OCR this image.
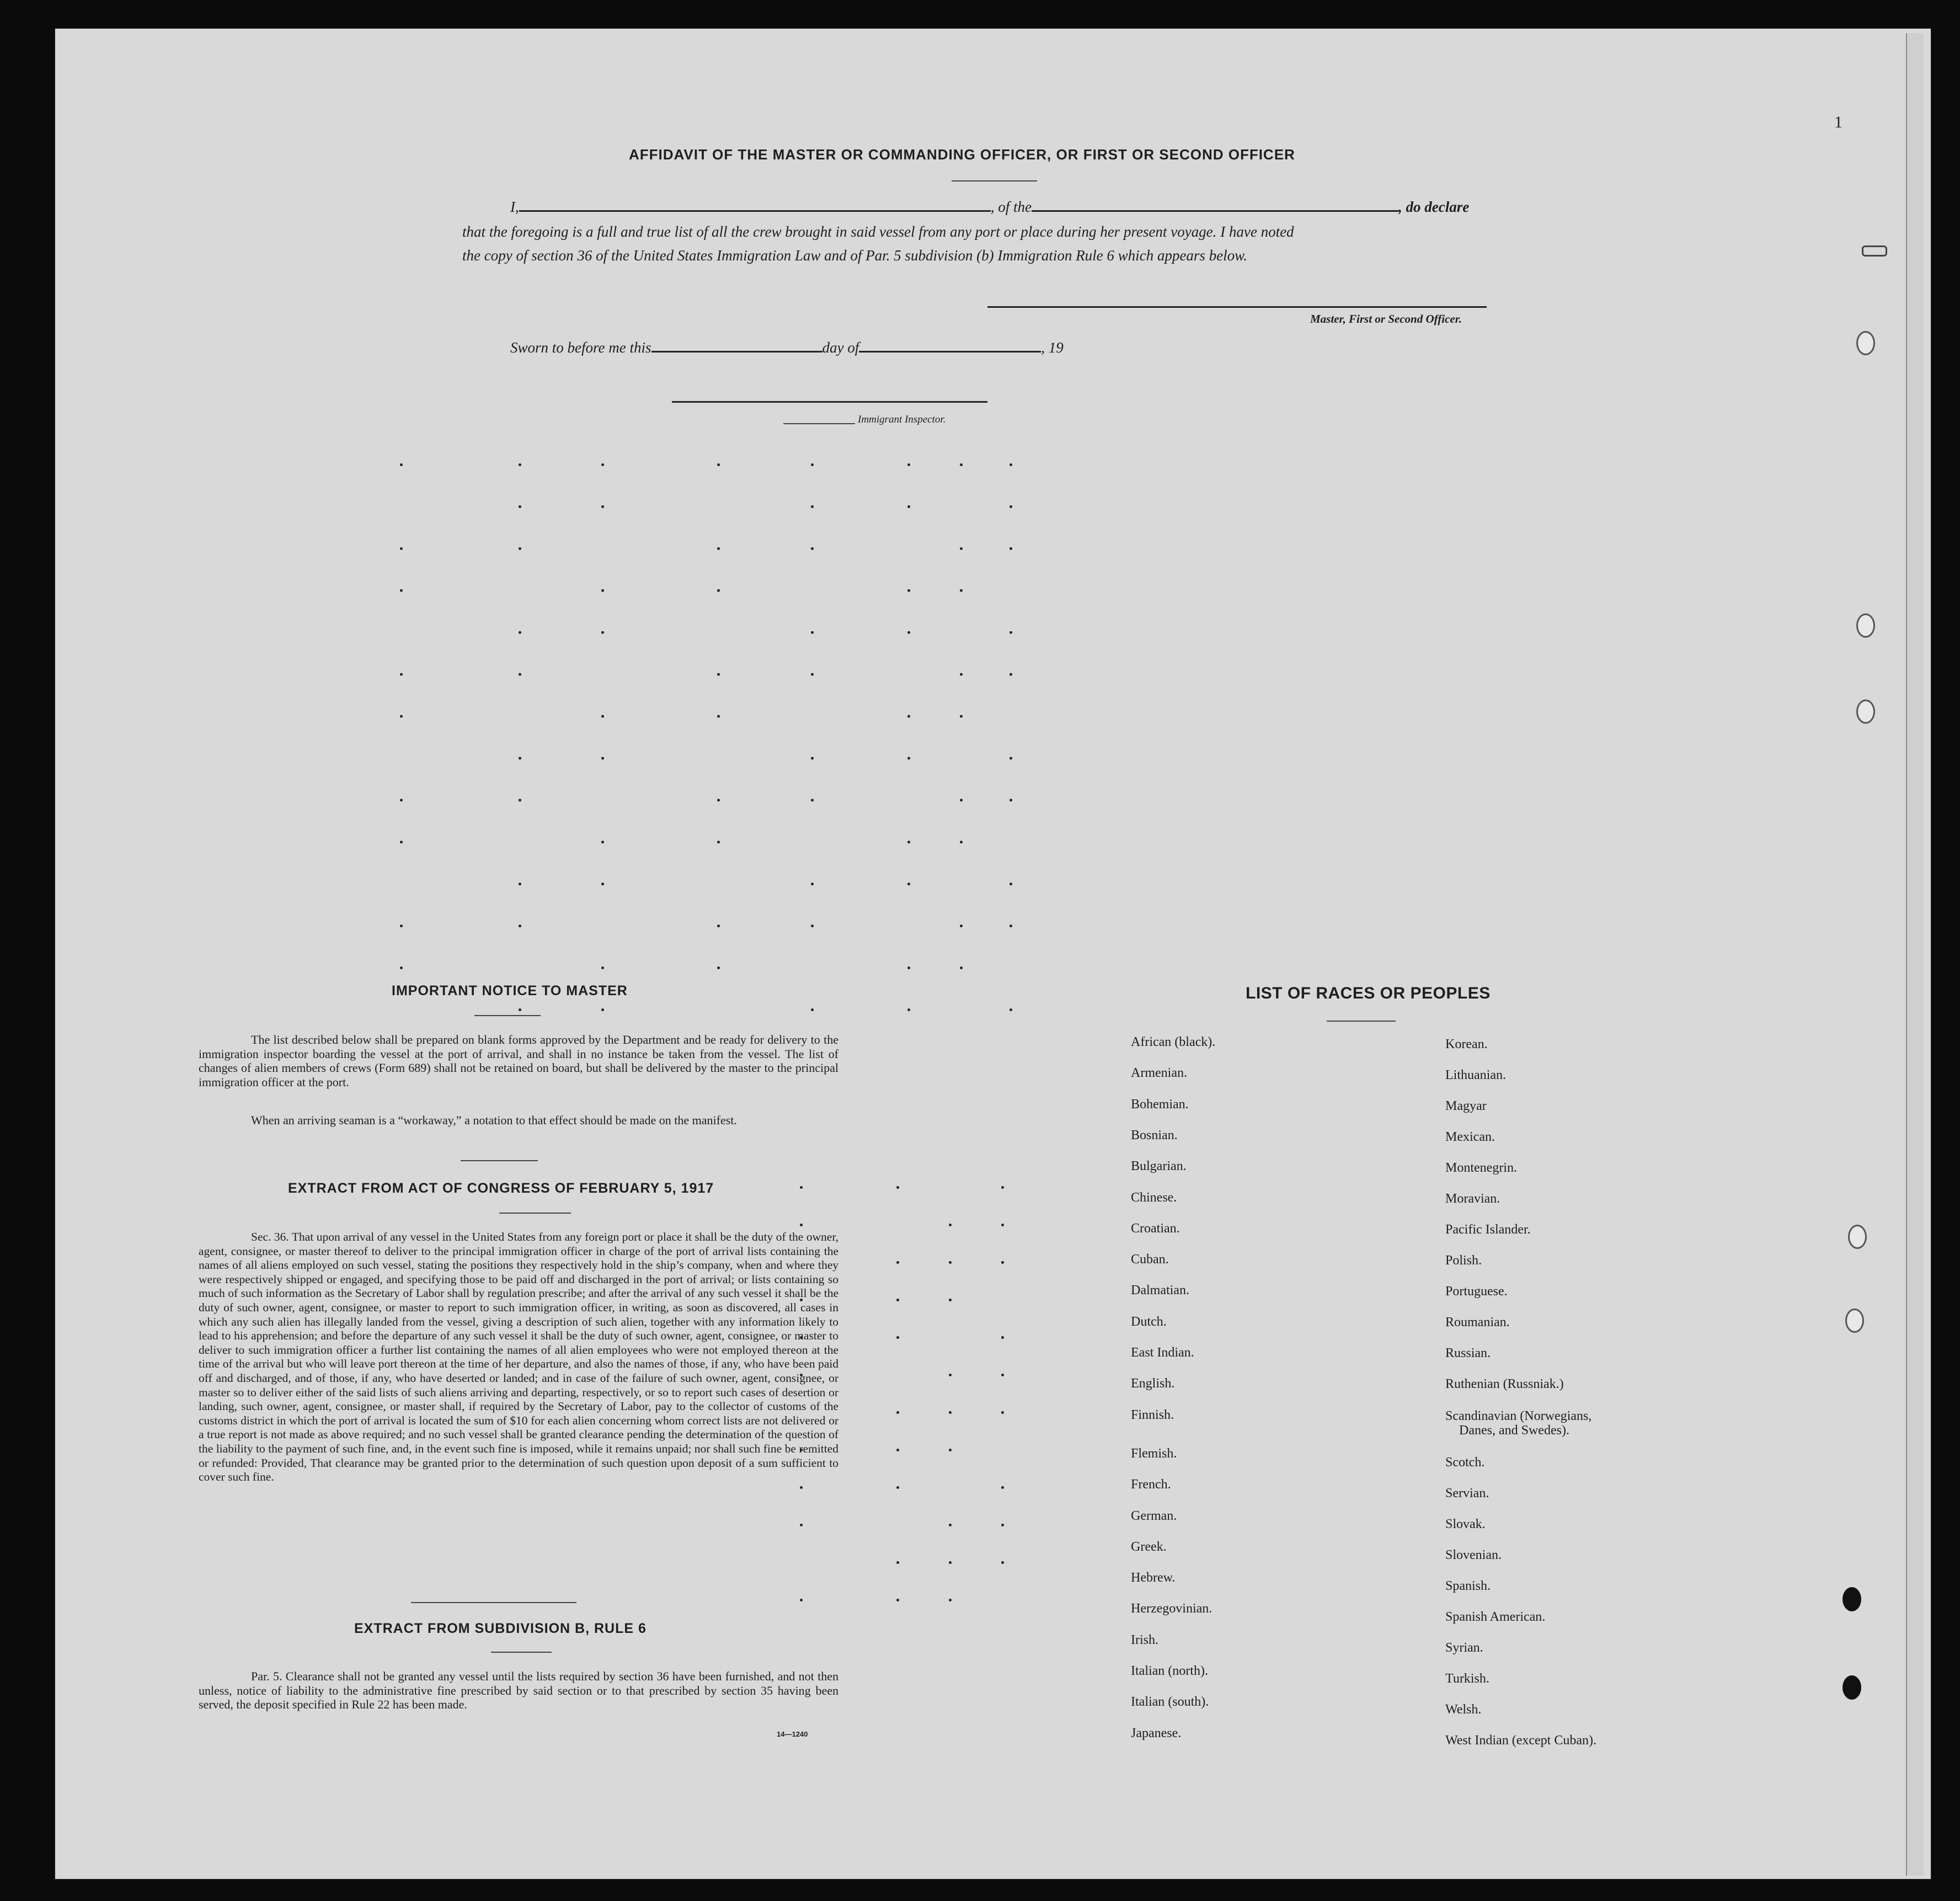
1
AFFIDAVIT OF THE MASTER OR COMMANDING OFFICER, OR FIRST OR SECOND OFFICER
I,	, of the	, do declare
that the foregoing is a full and true list of all the crew brought in said vessel from any port or place during her present voyage. I have noted
the copy of section 36 of the United States Immigration Law and of Par. 5 subdivision (b) Immigration Rule 6 which appears below.
Master, First or Second Officer.
Sworn to before me this	day of	, 19
Immigrant Inspector.
IMPORTANT NOTICE TO MASTER
The list described below shall be prepared on blank forms approved by the Department and be ready for delivery to the immigration inspector boarding the vessel at the port of arrival, and shall in no instance be taken from the vessel. The list of changes of alien members of crews (Form 689) shall not be retained on board, but shall be delivered by the master to the principal immigration officer at the port.
When an arriving seaman is a “workaway,” a notation to that effect should be made on the manifest.
EXTRACT FROM ACT OF CONGRESS OF FEBRUARY 5, 1917
Sec. 36. That upon arrival of any vessel in the United States from any foreign port or place it shall be the duty of the owner, agent, consignee, or master thereof to deliver to the principal immigration officer in charge of the port of arrival lists containing the names of all aliens employed on such vessel, stating the positions they respectively hold in the ship’s company, when and where they were respectively shipped or engaged, and specifying those to be paid off and discharged in the port of arrival; or lists containing so much of such information as the Secretary of Labor shall by regulation prescribe; and after the arrival of any such vessel it shall be the duty of such owner, agent, consignee, or master to report to such immigration officer, in writing, as soon as discovered, all cases in which any such alien has illegally landed from the vessel, giving a description of such alien, together with any information likely to lead to his apprehension; and before the departure of any such vessel it shall be the duty of such owner, agent, consignee, or master to deliver to such immigration officer a further list containing the names of all alien employees who were not employed thereon at the time of the arrival but who will leave port thereon at the time of her departure, and also the names of those, if any, who have been paid off and discharged, and of those, if any, who have deserted or landed; and in case of the failure of such owner, agent, consignee, or master so to deliver either of the said lists of such aliens arriving and departing, respectively, or so to report such cases of desertion or landing, such owner, agent, consignee, or master shall, if required by the Secretary of Labor, pay to the collector of customs of the customs district in which the port of arrival is located the sum of $10 for each alien concerning whom correct lists are not delivered or a true report is not made as above required; and no such vessel shall be granted clearance pending the determination of the question of the liability to the payment of such fine, and, in the event such fine is imposed, while it remains unpaid; nor shall such fine be remitted or refunded: Provided, That clearance may be granted prior to the determination of such question upon deposit of a sum sufficient to cover such fine.
EXTRACT FROM SUBDIVISION B, RULE 6
Par. 5. Clearance shall not be granted any vessel until the lists required by section 36 have been furnished, and not then unless, notice of liability to the administrative fine prescribed by said section or to that prescribed by section 35 having been served, the deposit specified in Rule 22 has been made.
14—1240
LIST OF RACES OR PEOPLES
African (black).
Armenian.
Bohemian.
Bosnian.
Bulgarian.
Chinese.
Croatian.
Cuban.
Dalmatian.
Dutch.
East Indian.
English.
Finnish.
Flemish.
French.
German.
Greek.
Hebrew.
Herzegovinian.
Irish.
Italian (north).
Italian (south).
Japanese.
Korean.
Lithuanian.
Magyar
Mexican.
Montenegrin.
Moravian.
Pacific Islander.
Polish.
Portuguese.
Roumanian.
Russian.
Ruthenian (Russniak.)
Scandinavian (Norwegians,
Danes, and Swedes).
Scotch.
Servian.
Slovak.
Slovenian.
Spanish.
Spanish American.
Syrian.
Turkish.
Welsh.
West Indian (except Cuban).
